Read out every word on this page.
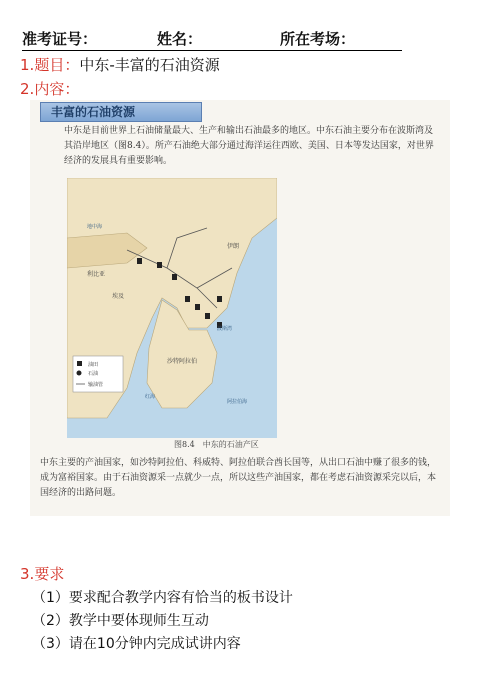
准考证号：	姓名：	所在考场：
1.题目：中东-丰富的石油资源
2.内容：
丰富的石油资源
中东是目前世界上石油储量最大、生产和输出石油最多的地区。中东石油主要分布在波斯湾及其沿岸地区（图8.4）。所产石油绝大部分通过海洋运往西欧、美国、日本等发达国家，对世界经济的发展具有重要影响。
油田
石油
输油管
利比亚
埃及
沙特阿拉伯
伊朗
波斯湾
地中海
红海
阿拉伯海
图8.4　中东的石油产区
中东主要的产油国家，如沙特阿拉伯、科威特、阿拉伯联合酋长国等，从出口石油中赚了很多的钱，成为富裕国家。由于石油资源采一点就少一点，所以这些产油国家，都在考虑石油资源采完以后，本国经济的出路问题。
3.要求
（1）要求配合教学内容有恰当的板书设计
（2）教学中要体现师生互动
（3）请在10分钟内完成试讲内容
